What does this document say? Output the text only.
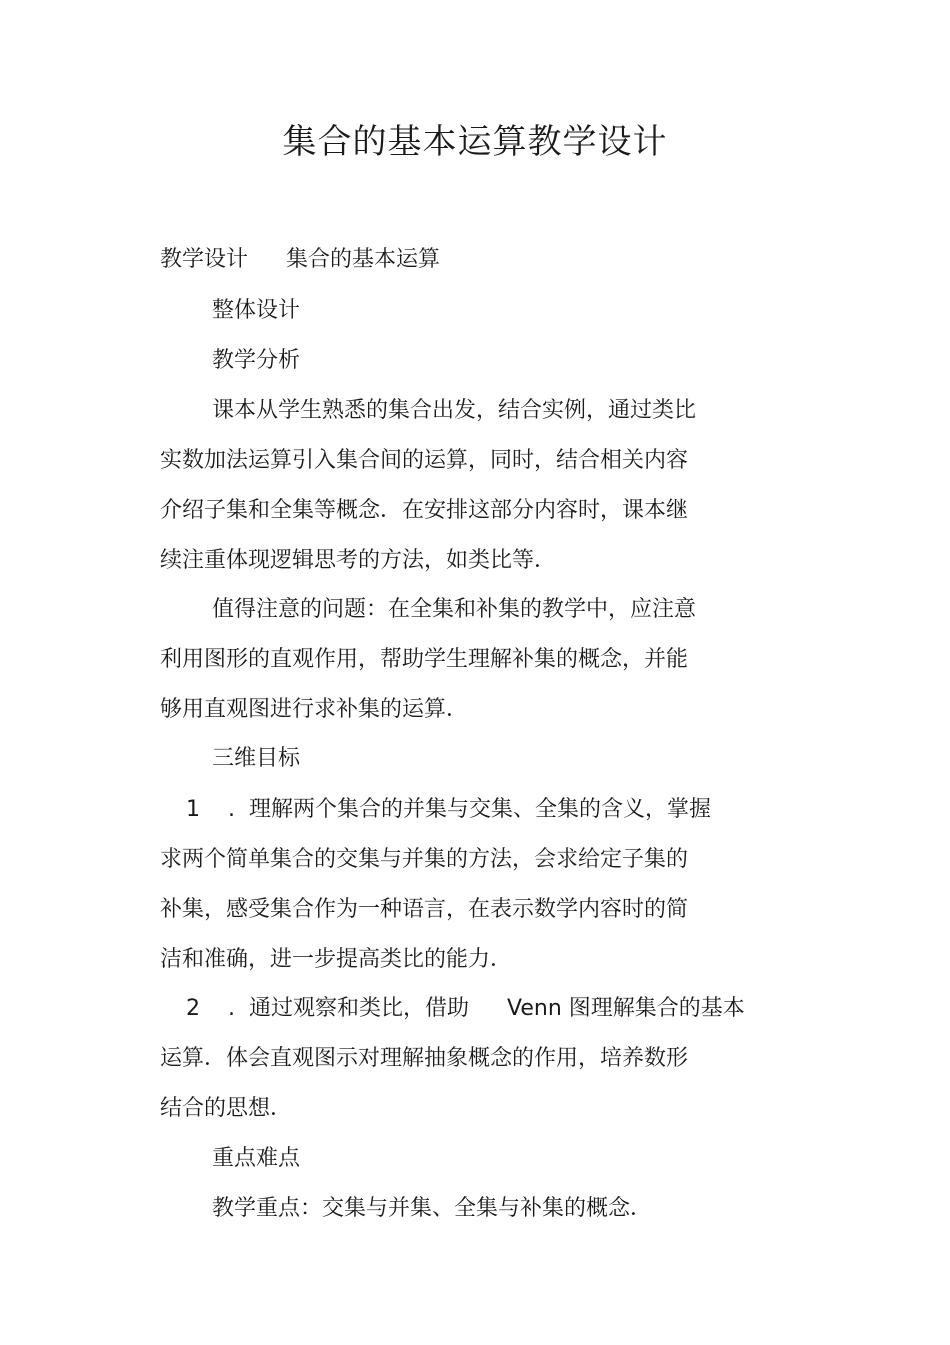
集合的基本运算教学设计
教学设计 集合的基本运算
整体设计
教学分析
课本从学生熟悉的集合出发，结合实例，通过类比
实数加法运算引入集合间的运算，同时，结合相关内容
介绍子集和全集等概念．在安排这部分内容时，课本继
续注重体现逻辑思考的方法，如类比等．
值得注意的问题：在全集和补集的教学中，应注意
利用图形的直观作用，帮助学生理解补集的概念，并能
够用直观图进行求补集的运算．
三维目标
1 . 理解两个集合的并集与交集、全集的含义，掌握
求两个简单集合的交集与并集的方法，会求给定子集的
补集，感受集合作为一种语言，在表示数学内容时的简
洁和准确，进一步提高类比的能力．
2 . 通过观察和类比，借助 Venn 图理解集合的基本
运算．体会直观图示对理解抽象概念的作用，培养数形
结合的思想．
重点难点
教学重点：交集与并集、全集与补集的概念．
